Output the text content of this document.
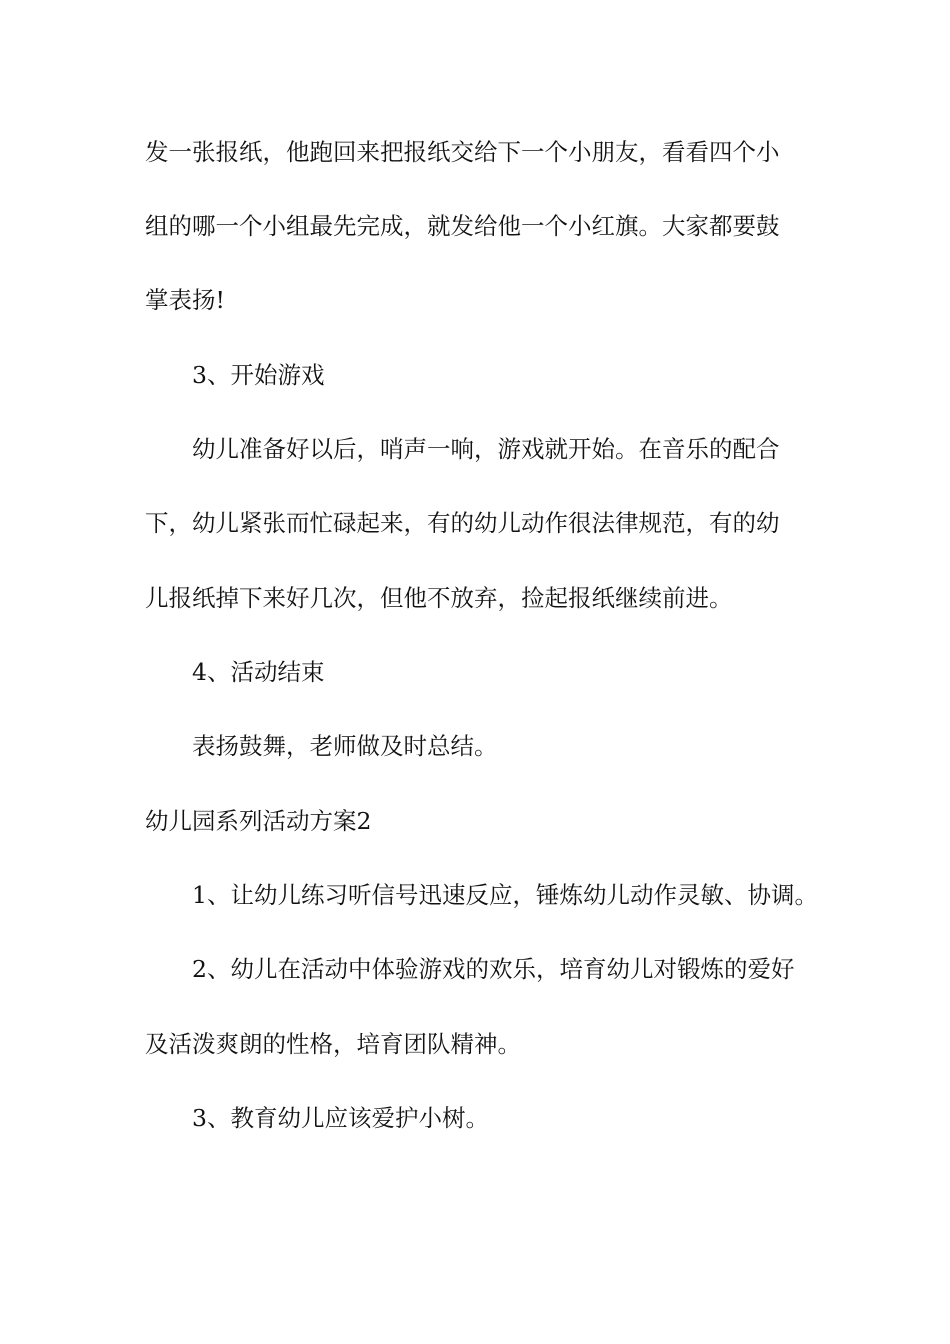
发一张报纸，他跑回来把报纸交给下一个小朋友，看看四个小
组的哪一个小组最先完成，就发给他一个小红旗。大家都要鼓
掌表扬!
3、开始游戏
幼儿准备好以后，哨声一响，游戏就开始。在音乐的配合
下，幼儿紧张而忙碌起来，有的幼儿动作很法律规范，有的幼
儿报纸掉下来好几次，但他不放弃，捡起报纸继续前进。
4、活动结束
表扬鼓舞，老师做及时总结。
幼儿园系列活动方案2
1、让幼儿练习听信号迅速反应，锤炼幼儿动作灵敏、协调。
2、幼儿在活动中体验游戏的欢乐，培育幼儿对锻炼的爱好
及活泼爽朗的性格，培育团队精神。
3、教育幼儿应该爱护小树。
